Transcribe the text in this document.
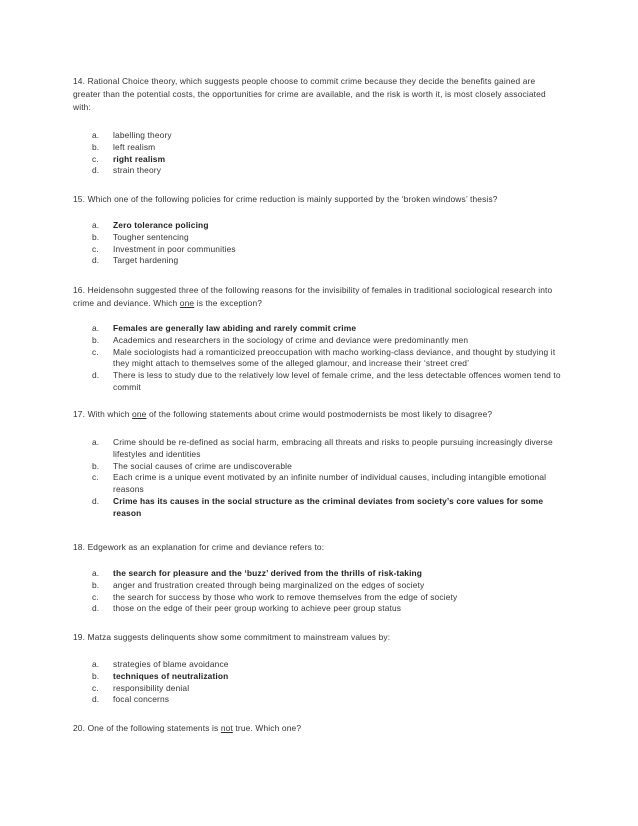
14. Rational Choice theory, which suggests people choose to commit crime because they decide the benefits gained are greater than the potential costs, the opportunities for crime are available, and the risk is worth it, is most closely associated with:

a.	labelling theory
b.	left realism
c.	right realism
d.	strain theory

15. Which one of the following policies for crime reduction is mainly supported by the ‘broken windows’ thesis?

a.	Zero tolerance policing
b.	Tougher sentencing
c.	Investment in poor communities
d.	Target hardening

16. Heidensohn suggested three of the following reasons for the invisibility of females in traditional sociological research into crime and deviance. Which one is the exception?

a.	Females are generally law abiding and rarely commit crime
b.	Academics and researchers in the sociology of crime and deviance were predominantly men
c.	Male sociologists had a romanticized preoccupation with macho working-class deviance, and thought by studying it they might attach to themselves some of the alleged glamour, and increase their ‘street cred’
d.	There is less to study due to the relatively low level of female crime, and the less detectable offences women tend to commit

17. With which one of the following statements about crime would postmodernists be most likely to disagree?

a.	Crime should be re-defined as social harm, embracing all threats and risks to people pursuing increasingly diverse lifestyles and identities
b.	The social causes of crime are undiscoverable
c.	Each crime is a unique event motivated by an infinite number of individual causes, including intangible emotional reasons
d.	Crime has its causes in the social structure as the criminal deviates from society’s core values for some reason

18. Edgework as an explanation for crime and deviance refers to:

a.	the search for pleasure and the ‘buzz’ derived from the thrills of risk-taking
b.	anger and frustration created through being marginalized on the edges of society
c.	the search for success by those who work to remove themselves from the edge of society
d.	those on the edge of their peer group working to achieve peer group status

19. Matza suggests delinquents show some commitment to mainstream values by:

a.	strategies of blame avoidance
b.	techniques of neutralization
c.	responsibility denial
d.	focal concerns

20. One of the following statements is not true. Which one?
